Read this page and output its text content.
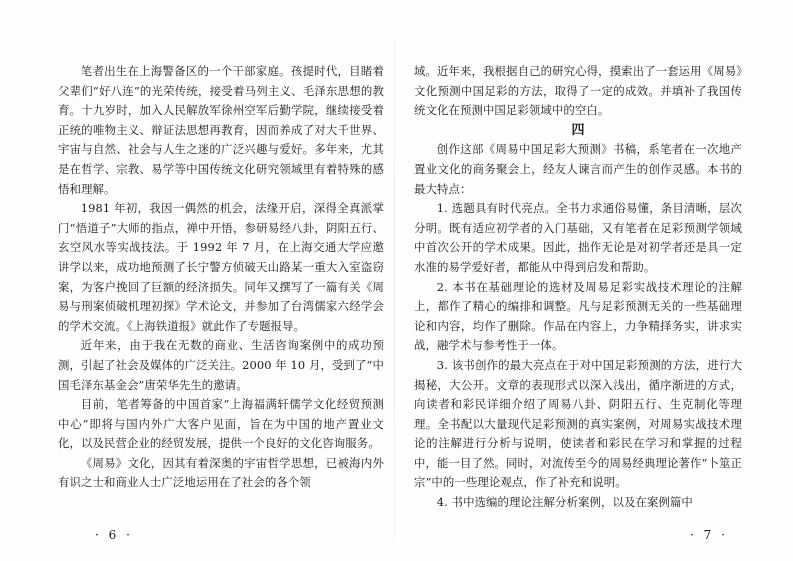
笔者出生在上海警备区的一个干部家庭。孩提时代，目睹着父辈们“好八连”的光荣传统，接受着马列主义、毛泽东思想的教育。十九岁时，加入人民解放军徐州空军后勤学院，继续接受着正统的唯物主义、辩证法思想再教育，因而养成了对大千世界、宇宙与自然、社会与人生之迷的广泛兴趣与爱好。多年来，尤其是在哲学、宗教、易学等中国传统文化研究领域里有着特殊的感悟和理解。

1981 年初，我因一偶然的机会，法缘开启，深得全真派掌门“悟道子”大师的指点，禅中开悟，参研易经八卦，阴阳五行、玄空风水等实战技法。于 1992 年 7 月，在上海交通大学应邀讲学以来，成功地预测了长宁警方侦破天山路某一重大入室盗窃案，为客户挽回了巨额的经济损失。同年又撰写了一篇有关《周易与刑案侦破机理初探》学术论文，并参加了台湾儒家六经学会的学术交流。《上海铁道报》就此作了专题报导。

近年来，由于我在无数的商业、生活咨询案例中的成功预测，引起了社会及媒体的广泛关注。2000 年 10 月，受到了“中国毛泽东基金会”唐荣华先生的邀请。

目前，笔者筹备的中国首家“上海福满轩儒学文化经贸预测中心”即将与国内外广大客户见面，旨在为中国的地产置业文化，以及民营企业的经贸发展，提供一个良好的文化咨询服务。

《周易》文化，因其有着深奥的宇宙哲学思想，已被海内外有识之士和商业人士广泛地运用在了社会的各个领

· 6 ·

域。近年来，我根据自己的研究心得，摸索出了一套运用《周易》文化预测中国足彩的方法，取得了一定的成效。并填补了我国传统文化在预测中国足彩领域中的空白。

四

创作这部《周易中国足彩大预测》书稿，系笔者在一次地产置业文化的商务聚会上，经友人谏言而产生的创作灵感。本书的最大特点：

1. 选题具有时代亮点。全书力求通俗易懂，条目清晰，层次分明。既有适应初学者的入门基础，又有笔者在足彩预测学领域中首次公开的学术成果。因此，拙作无论是对初学者还是具一定水准的易学爱好者，都能从中得到启发和帮助。

2. 本书在基础理论的选材及周易足彩实战技术理论的注解上，都作了精心的编排和调整。凡与足彩预测无关的一些基础理论和内容，均作了删除。作品在内容上，力争精择务实，讲求实战，融学术与参考性于一体。

3. 该书创作的最大亮点在于对中国足彩预测的方法，进行大揭秘，大公开。文章的表现形式以深入浅出，循序渐进的方式，向读者和彩民详细介绍了周易八卦、阴阳五行、生克制化等理理。全书配以大量现代足彩预测的真实案例，对周易实战技术理论的注解进行分析与说明，使读者和彩民在学习和掌握的过程中，能一目了然。同时，对流传至今的周易经典理论著作“卜筮正宗”中的一些理论观点，作了补充和说明。

4. 书中选编的理论注解分析案例，以及在案例篇中

· 7 ·
